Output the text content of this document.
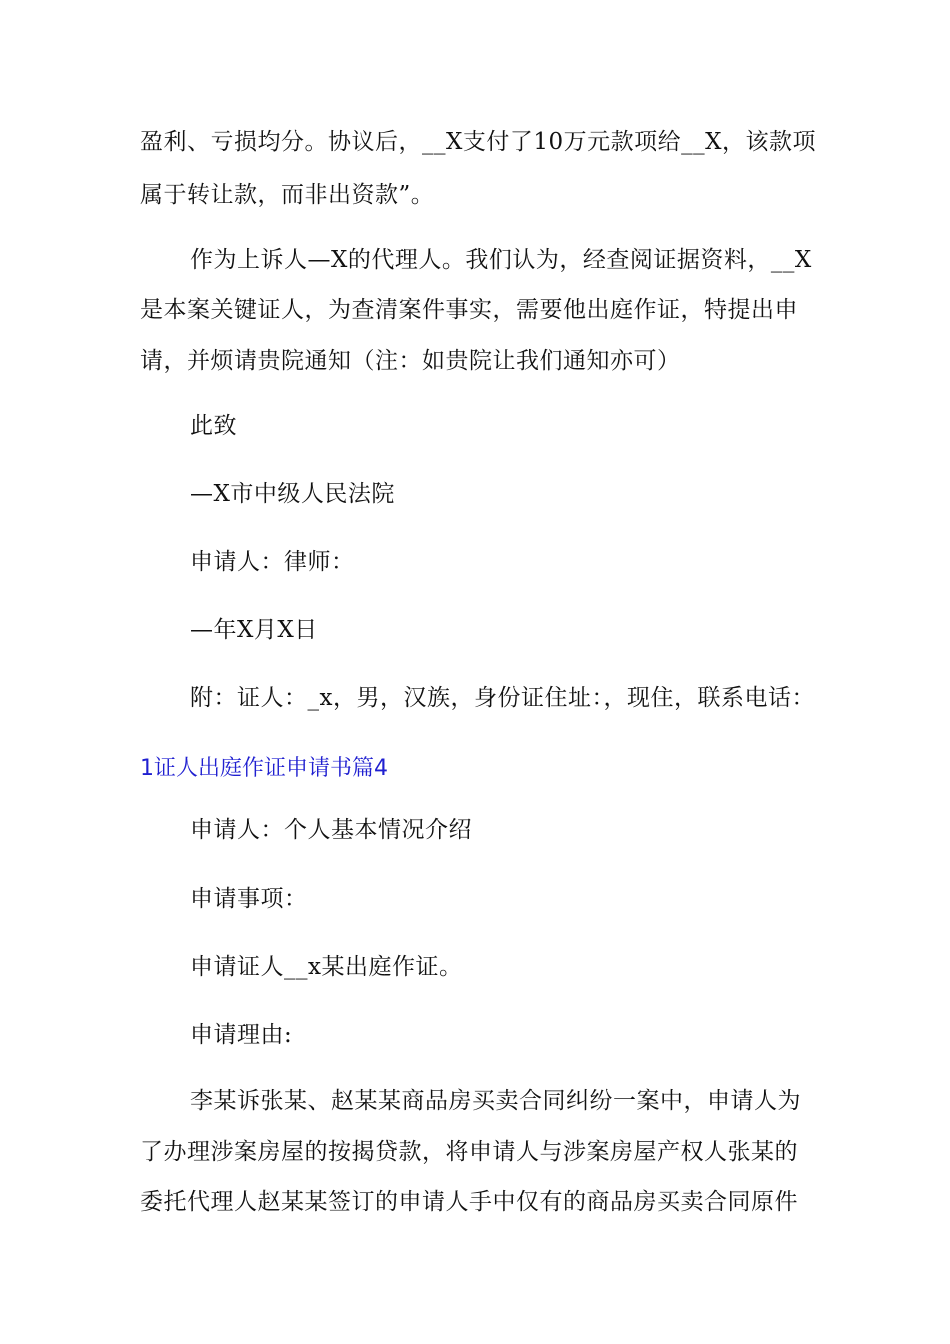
盈利、亏损均分。协议后，__X支付了10万元款项给__X，该款项
属于转让款，而非出资款”。
作为上诉人—X的代理人。我们认为，经查阅证据资料，__X
是本案关键证人，为查清案件事实，需要他出庭作证，特提出申
请，并烦请贵院通知（注：如贵院让我们通知亦可）
此致
—X市中级人民法院
申请人：律师：
—年X月X日
附：证人：_x，男，汉族，身份证住址：，现住，联系电话：
1证人出庭作证申请书篇4
申请人：个人基本情况介绍
申请事项：
申请证人__x某出庭作证。
申请理由:
李某诉张某、赵某某商品房买卖合同纠纷一案中，申请人为
了办理涉案房屋的按揭贷款，将申请人与涉案房屋产权人张某的
委托代理人赵某某签订的申请人手中仅有的商品房买卖合同原件
